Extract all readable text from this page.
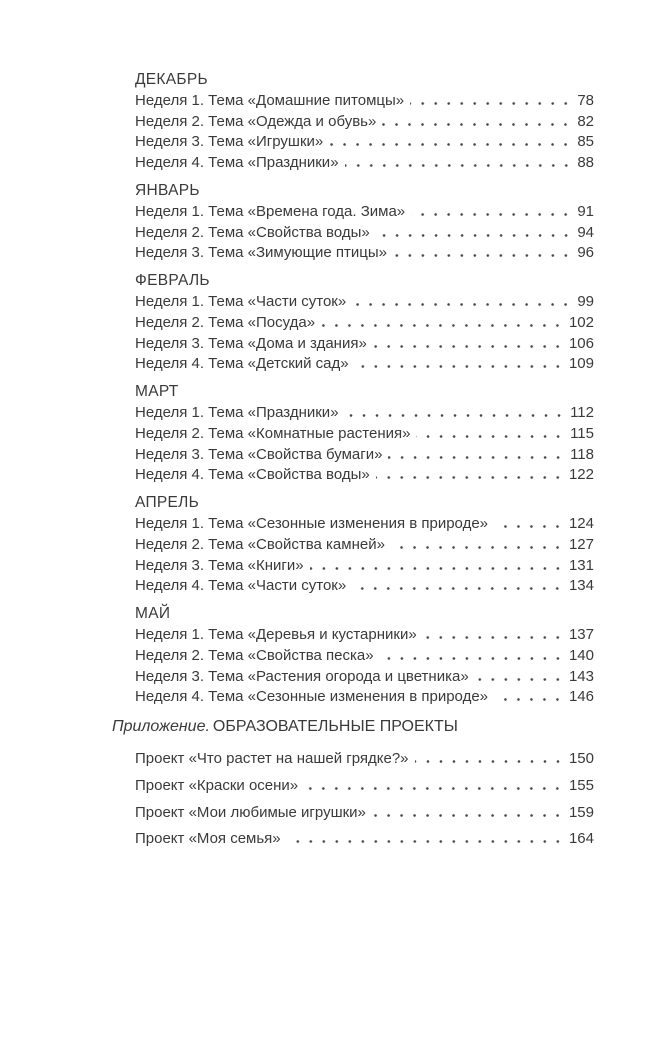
ДЕКАБРЬ
Неделя 1. Тема «Домашние питомцы»	78
Неделя 2. Тема «Одежда и обувь»	82
Неделя 3. Тема «Игрушки»	85
Неделя 4. Тема «Праздники»	88
ЯНВАРЬ
Неделя 1. Тема «Времена года. Зима»	91
Неделя 2. Тема «Свойства воды»	94
Неделя 3. Тема «Зимующие птицы»	96
ФЕВРАЛЬ
Неделя 1. Тема «Части суток»	99
Неделя 2. Тема «Посуда»	102
Неделя 3. Тема «Дома и здания»	106
Неделя 4. Тема «Детский сад»	109
МАРТ
Неделя 1. Тема «Праздники»	112
Неделя 2. Тема «Комнатные растения»	115
Неделя 3. Тема «Свойства бумаги»	118
Неделя 4. Тема «Свойства воды»	122
АПРЕЛЬ
Неделя 1. Тема «Сезонные изменения в природе»	124
Неделя 2. Тема «Свойства камней»	127
Неделя 3. Тема «Книги»	131
Неделя 4. Тема «Части суток»	134
МАЙ
Неделя 1. Тема «Деревья и кустарники»	137
Неделя 2. Тема «Свойства песка»	140
Неделя 3. Тема «Растения огорода и цветника»	143
Неделя 4. Тема «Сезонные изменения в природе»	146
Приложение. ОБРАЗОВАТЕЛЬНЫЕ ПРОЕКТЫ
Проект «Что растет на нашей грядке?»	150
Проект «Краски осени»	155
Проект «Мои любимые игрушки»	159
Проект «Моя семья»	164
